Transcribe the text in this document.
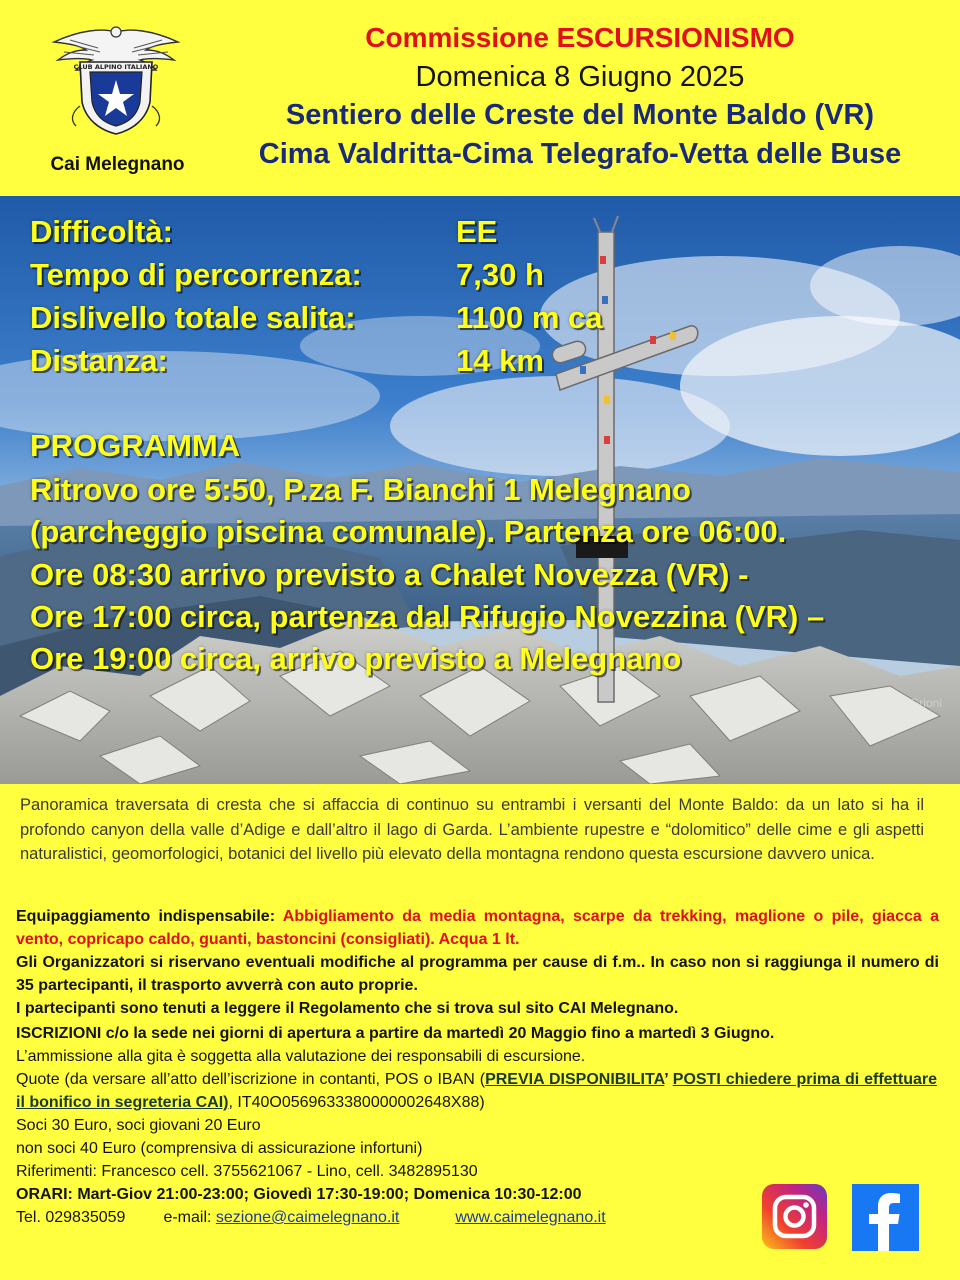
CLUB ALPINO ITALIANO
Cai Melegnano
Commissione ESCURSIONISMO
Domenica 8 Giugno 2025
Sentiero delle Creste del Monte Baldo (VR)
Cima Valdritta-Cima Telegrafo-Vetta delle Buse
Difficoltà:	EE
Tempo di percorrenza:	7,30 h
Dislivello totale salita:	1100 m ca
Distanza:	14 km
PROGRAMMA
Ritrovo ore 5:50, P.za F. Bianchi 1 Melegnano
(parcheggio piscina comunale). Partenza ore 06:00.
Ore 08:30 arrivo previsto a Chalet Novezza (VR) -
Ore 17:00 circa, partenza dal Rifugio Novezzina (VR) –
Ore 19:00 circa, arrivo previsto a Melegnano
Foto: D.Grioni
Panoramica traversata di cresta che si affaccia di continuo su entrambi i versanti del Monte Baldo: da un lato si ha il profondo canyon della valle d’Adige e dall’altro il lago di Garda. L’ambiente rupestre e “dolomitico” delle cime e gli aspetti naturalistici, geomorfologici, botanici del livello più elevato della montagna rendono questa escursione davvero unica.
Equipaggiamento indispensabile: Abbigliamento da media montagna, scarpe da trekking, maglione o pile, giacca a vento, copricapo caldo, guanti, bastoncini (consigliati). Acqua 1 lt.
Gli Organizzatori si riservano eventuali modifiche al programma per cause di f.m.. In caso non si raggiunga il numero di 35 partecipanti, il trasporto avverrà con auto proprie.
I partecipanti sono tenuti a leggere il Regolamento che si trova sul sito CAI Melegnano.
ISCRIZIONI c/o la sede nei giorni di apertura a partire da martedì 20 Maggio fino a martedì 3 Giugno.
L’ammissione alla gita è soggetta alla valutazione dei responsabili di escursione.
Quote (da versare all’atto dell’iscrizione in contanti, POS o IBAN (PREVIA DISPONIBILITA’ POSTI chiedere prima di effettuare il bonifico in segreteria CAI), IT40O0569633380000002648X88)
Soci 30 Euro, soci giovani 20 Euro
non soci 40 Euro (comprensiva di assicurazione infortuni)
Riferimenti: Francesco cell. 3755621067 - Lino, cell. 3482895130
ORARI: Mart-Giov 21:00-23:00; Giovedì 17:30-19:00; Domenica 10:30-12:00
Tel. 029835059 e-mail: sezione@caimelegnano.it	www.caimelegnano.it
